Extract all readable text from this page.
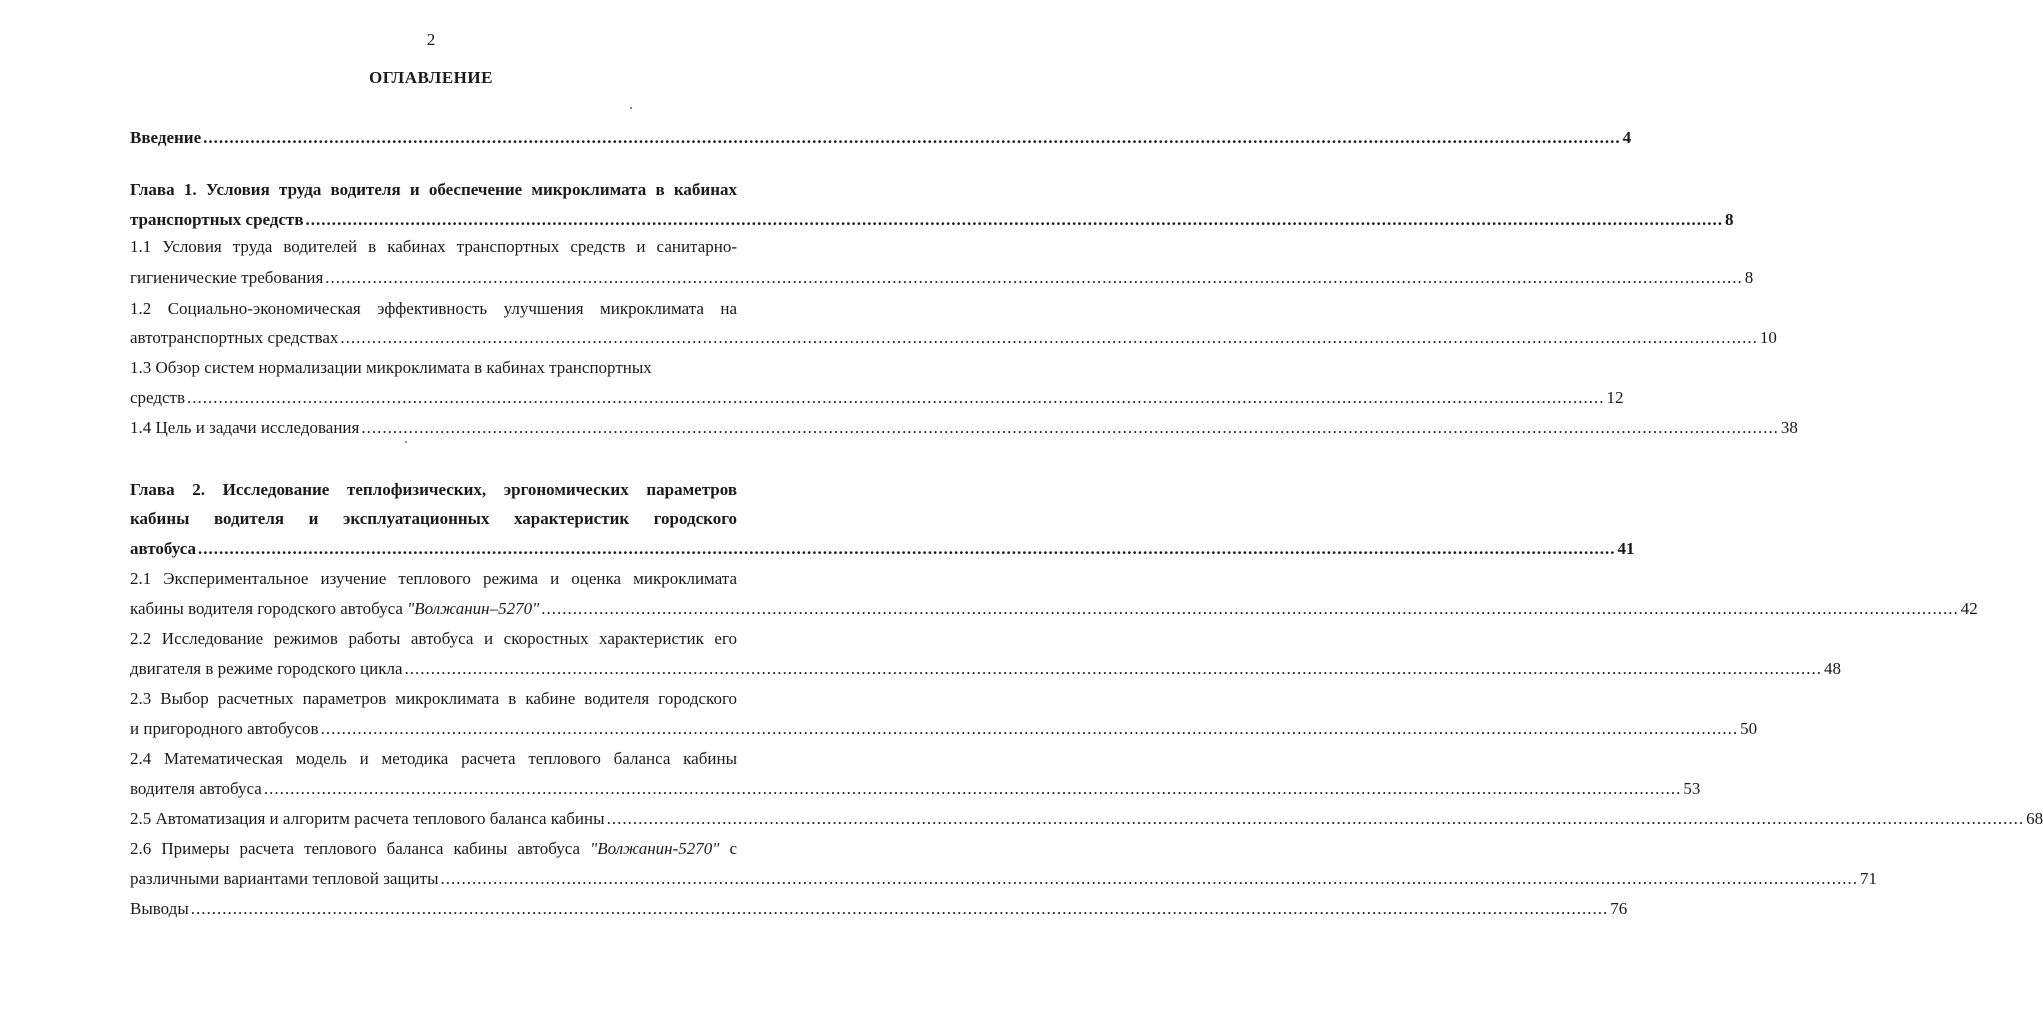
2
ОГЛАВЛЕНИЕ
Введение .............................................................................................................................................................................................................................................................................. 4
Глава 1. Условия труда водителя и обеспечение микроклимата в кабинах
транспортных средств .............................................................................................................................................................................................................................................................................. 8
1.1 Условия труда водителей в кабинах транспортных средств и санитарно-
гигиенические требования .............................................................................................................................................................................................................................................................................. 8
1.2 Социально-экономическая эффективность улучшения микроклимата на
автотранспортных средствах .............................................................................................................................................................................................................................................................................. 10
1.3 Обзор систем нормализации микроклимата в кабинах транспортных
средств .............................................................................................................................................................................................................................................................................. 12
1.4 Цель и задачи исследования .............................................................................................................................................................................................................................................................................. 38
Глава 2. Исследование теплофизических, эргономических параметров
кабины водителя и эксплуатационных характеристик городского
автобуса .............................................................................................................................................................................................................................................................................. 41
2.1 Экспериментальное изучение теплового режима и оценка микроклимата
кабины водителя городского автобуса "Волжанин–5270" .............................................................................................................................................................................................................................................................................. 42
2.2 Исследование режимов работы автобуса и скоростных характеристик его
двигателя в режиме городского цикла .............................................................................................................................................................................................................................................................................. 48
2.3 Выбор расчетных параметров микроклимата в кабине водителя городского
и пригородного автобусов .............................................................................................................................................................................................................................................................................. 50
2.4 Математическая модель и методика расчета теплового баланса кабины
водителя автобуса .............................................................................................................................................................................................................................................................................. 53
2.5 Автоматизация и алгоритм расчета теплового баланса кабины .............................................................................................................................................................................................................................................................................. 68
2.6 Примеры расчета теплового баланса кабины автобуса "Волжанин-5270" с
различными вариантами тепловой защиты .............................................................................................................................................................................................................................................................................. 71
Выводы .............................................................................................................................................................................................................................................................................. 76
